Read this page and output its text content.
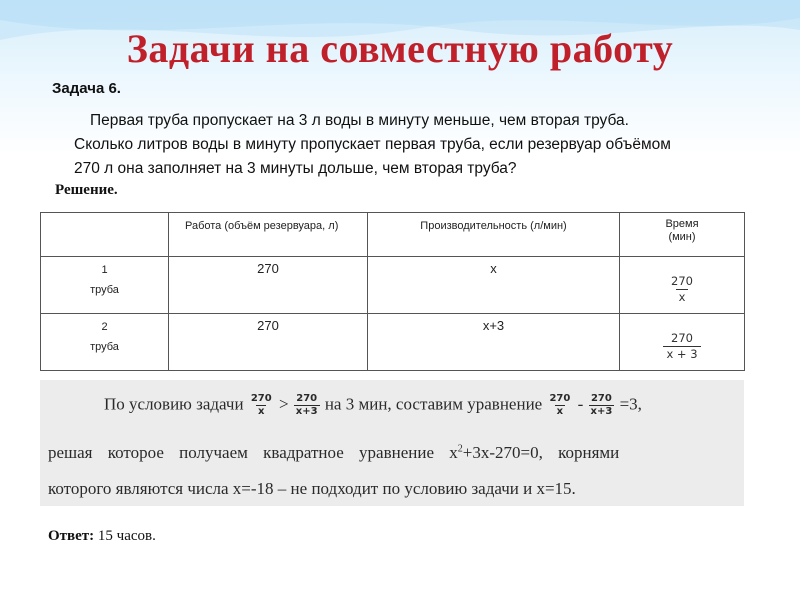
Задачи на совместную работу
Задача 6.

Первая труба пропускает на 3 л воды в минуту меньше, чем вторая труба.

Сколько литров воды в минуту пропускает первая труба, если резервуар объёмом

270 л она заполняет на 3 минуты дольше, чем вторая труба?

Решение.
	Работа (объём резервуара, л)	Производительность (л/мин)	Время
(мин)
1
труба	270	x	$\frac{270}{x}$

2
труба	270	x+3	$\frac{270}{x + 3}$
По условию задачи $\frac{270}{x} > \frac{270}{x+3}$ на 3 мин, составим уравнение $\frac{270}{x} - \frac{270}{x+3} =3$,
решая которое получаем квадратное уравнение $x^2+3x-270=0$, корнями
которого являются числа x=-18 – не подходит по условию задачи и x=15.
Ответ: 15 часов.
